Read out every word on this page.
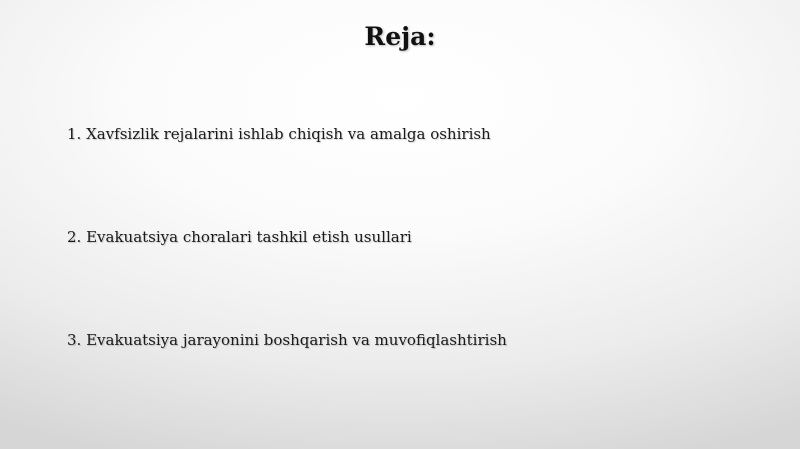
Reja:
1. Xavfsizlik rejalarini ishlab chiqish va amalga oshirish
2. Evakuatsiya choralari tashkil etish usullari
3. Evakuatsiya jarayonini boshqarish va muvofiqlashtirish
